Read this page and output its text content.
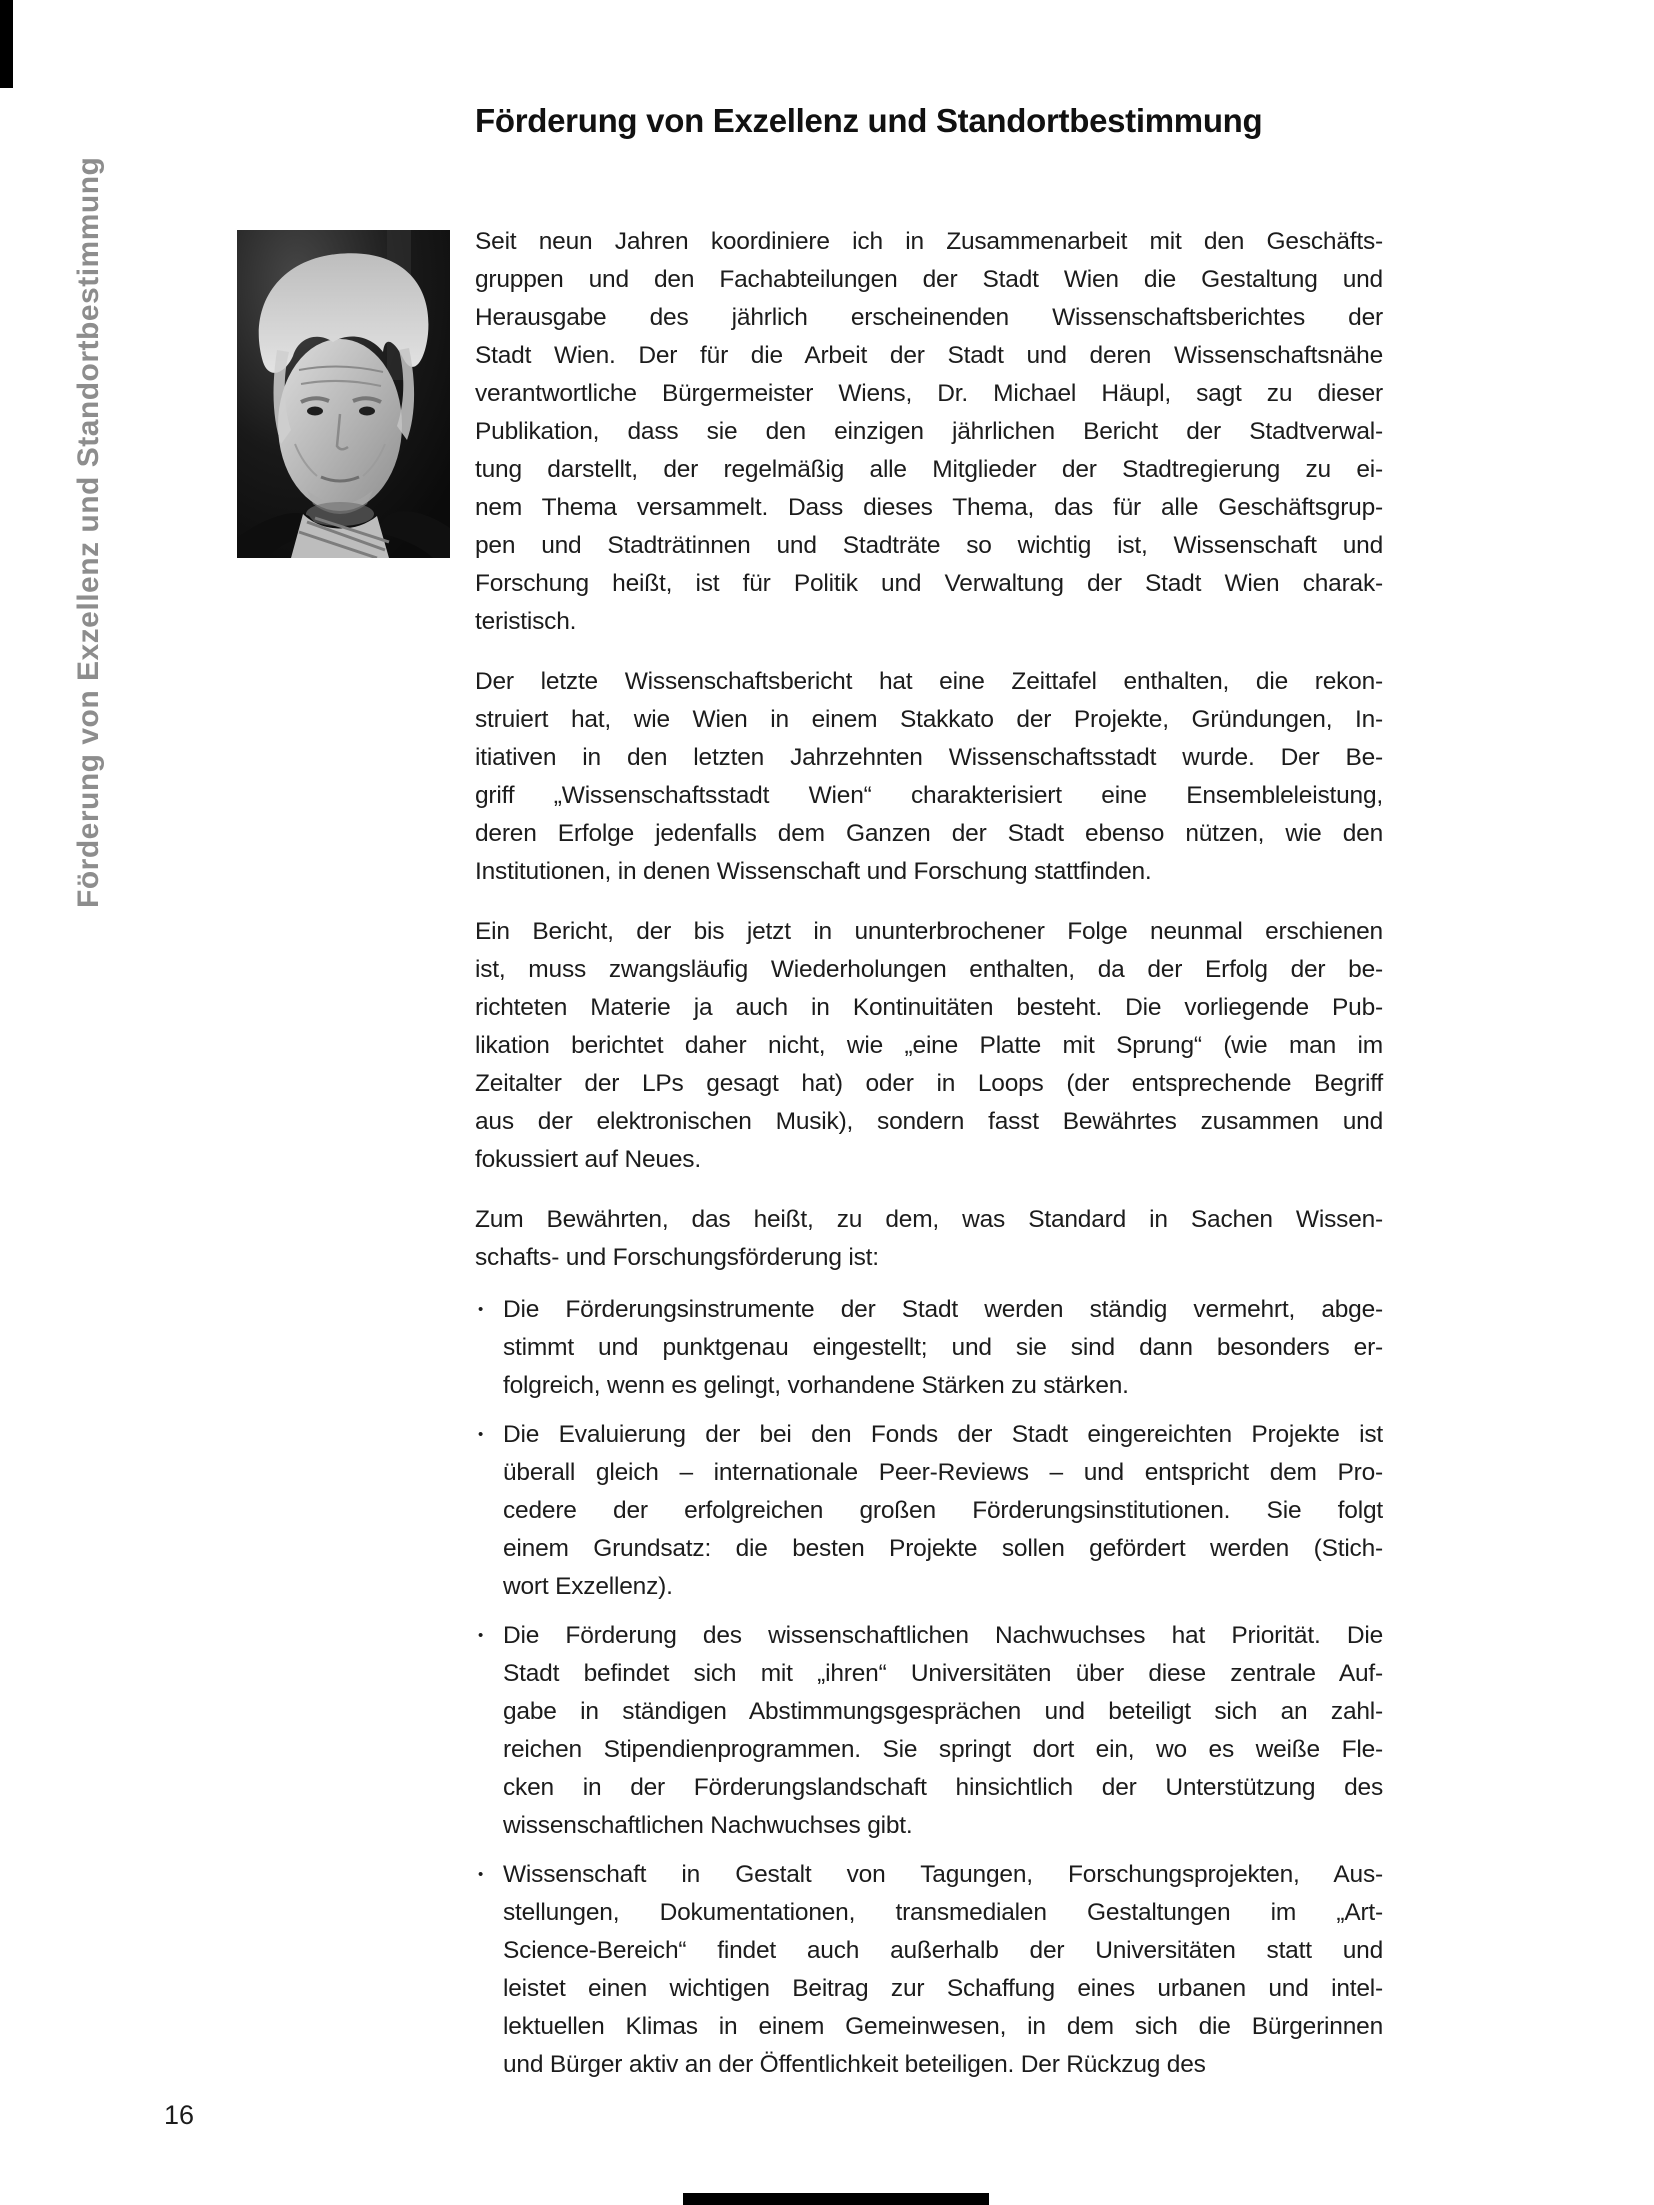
Förderung von Exzellenz und Standortbestimmung
Förderung von Exzellenz und Standortbestimmung
Seit neun Jahren koordiniere ich in Zusammenarbeit mit den Geschäfts-
gruppen und den Fachabteilungen der Stadt Wien die Gestaltung und
Herausgabe des jährlich erscheinenden Wissenschaftsberichtes der
Stadt Wien. Der für die Arbeit der Stadt und deren Wissenschaftsnähe
verantwortliche Bürgermeister Wiens, Dr. Michael Häupl, sagt zu dieser
Publikation, dass sie den einzigen jährlichen Bericht der Stadtverwal-
tung darstellt, der regelmäßig alle Mitglieder der Stadtregierung zu ei-
nem Thema versammelt. Dass dieses Thema, das für alle Geschäftsgrup-
pen und Stadträtinnen und Stadträte so wichtig ist, Wissenschaft und
Forschung heißt, ist für Politik und Verwaltung der Stadt Wien charak-
teristisch.
Der letzte Wissenschaftsbericht hat eine Zeittafel enthalten, die rekon-
struiert hat, wie Wien in einem Stakkato der Projekte, Gründungen, In-
itiativen in den letzten Jahrzehnten Wissenschaftsstadt wurde. Der Be-
griff „Wissenschaftsstadt Wien“ charakterisiert eine Ensembleleistung,
deren Erfolge jedenfalls dem Ganzen der Stadt ebenso nützen, wie den
Institutionen, in denen Wissenschaft und Forschung stattfinden.
Ein Bericht, der bis jetzt in ununterbrochener Folge neunmal erschienen
ist, muss zwangsläufig Wiederholungen enthalten, da der Erfolg der be-
richteten Materie ja auch in Kontinuitäten besteht. Die vorliegende Pub-
likation berichtet daher nicht, wie „eine Platte mit Sprung“ (wie man im
Zeitalter der LPs gesagt hat) oder in Loops (der entsprechende Begriff
aus der elektronischen Musik), sondern fasst Bewährtes zusammen und
fokussiert auf Neues.
Zum Bewährten, das heißt, zu dem, was Standard in Sachen Wissen-
schafts- und Forschungsförderung ist:
• Die Förderungsinstrumente der Stadt werden ständig vermehrt, abge-
stimmt und punktgenau eingestellt; und sie sind dann besonders er-
folgreich, wenn es gelingt, vorhandene Stärken zu stärken.
• Die Evaluierung der bei den Fonds der Stadt eingereichten Projekte ist
überall gleich – internationale Peer-Reviews – und entspricht dem Pro-
cedere der erfolgreichen großen Förderungsinstitutionen. Sie folgt
einem Grundsatz: die besten Projekte sollen gefördert werden (Stich-
wort Exzellenz).
• Die Förderung des wissenschaftlichen Nachwuchses hat Priorität. Die
Stadt befindet sich mit „ihren“ Universitäten über diese zentrale Auf-
gabe in ständigen Abstimmungsgesprächen und beteiligt sich an zahl-
reichen Stipendienprogrammen. Sie springt dort ein, wo es weiße Fle-
cken in der Förderungslandschaft hinsichtlich der Unterstützung des
wissenschaftlichen Nachwuchses gibt.
• Wissenschaft in Gestalt von Tagungen, Forschungsprojekten, Aus-
stellungen, Dokumentationen, transmedialen Gestaltungen im „Art-
Science-Bereich“ findet auch außerhalb der Universitäten statt und
leistet einen wichtigen Beitrag zur Schaffung eines urbanen und intel-
lektuellen Klimas in einem Gemeinwesen, in dem sich die Bürgerinnen
und Bürger aktiv an der Öffentlichkeit beteiligen. Der Rückzug des
16
